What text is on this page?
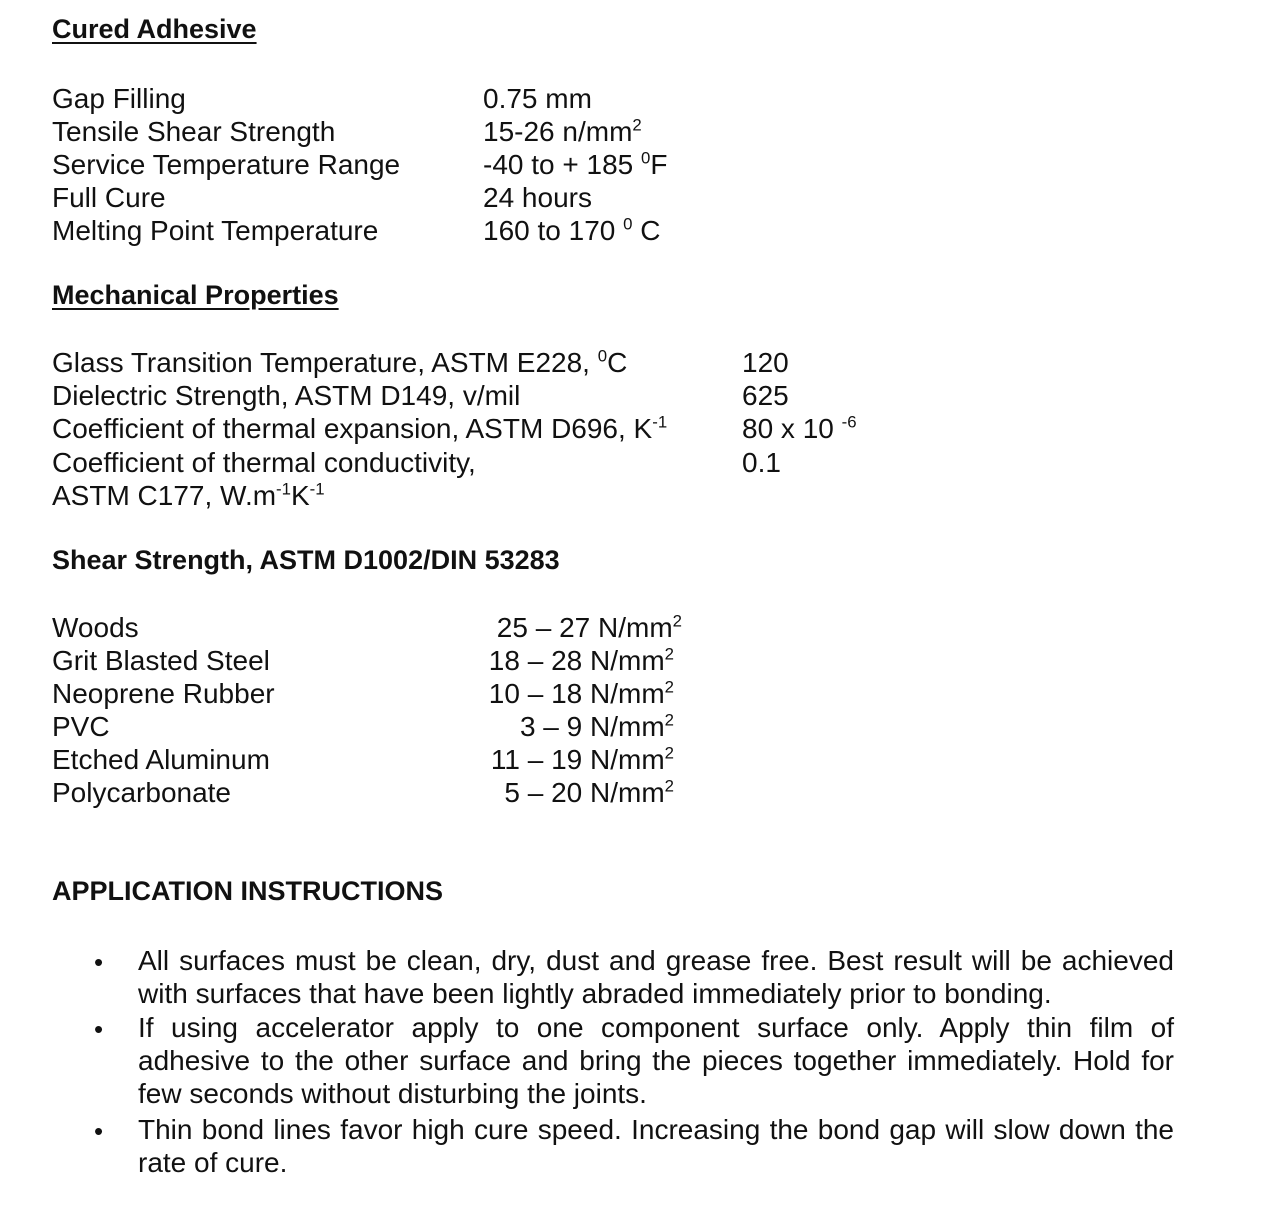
Cured Adhesive
Gap Filling	0.75 mm
Tensile Shear Strength	15-26 $n/mm^2$
Service Temperature Range	-40 to + 185 $^0$F
Full Cure	24 hours
Melting Point Temperature	160 to 170 $^0$ C
Mechanical Properties
Glass Transition Temperature, ASTM E228, $^0$C	120
Dielectric Strength, ASTM D149, v/mil	625
Coefficient of thermal expansion, ASTM D696, $K^{-1}$	80 x 10 $^{-6}$
Coefficient of thermal conductivity,	0.1
ASTM C177, $W.m^{-1}K^{-1}$
Shear Strength, ASTM D1002/DIN 53283
Woods	25 – 27 $N/mm^2$
Grit Blasted Steel	18 – 28 $N/mm^2$
Neoprene Rubber	10 – 18 $N/mm^2$
PVC	3 – 9 $N/mm^2$
Etched Aluminum	11 – 19 $N/mm^2$
Polycarbonate	5 – 20 $N/mm^2$
APPLICATION INSTRUCTIONS
• All surfaces must be clean, dry, dust and grease free. Best result will be achieved with surfaces that have been lightly abraded immediately prior to bonding.
• If using accelerator apply to one component surface only. Apply thin film of adhesive to the other surface and bring the pieces together immediately. Hold for few seconds without disturbing the joints.
• Thin bond lines favor high cure speed. Increasing the bond gap will slow down the rate of cure.
